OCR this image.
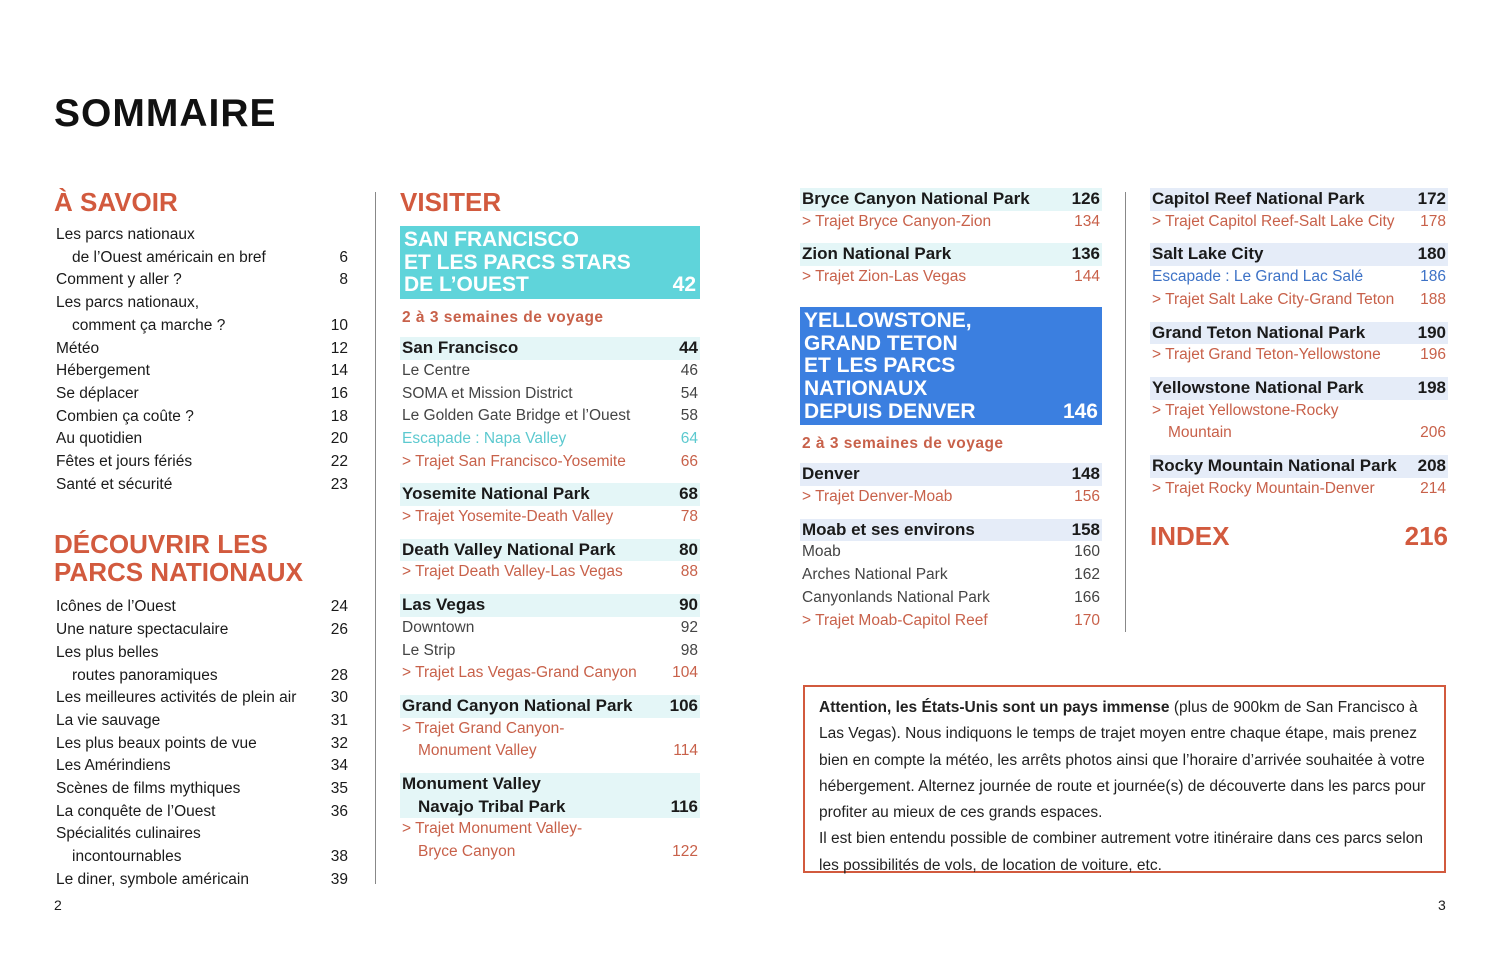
SOMMAIRE
À SAVOIR
Les parcs nationaux
de l’Ouest américain en bref	6
Comment y aller ?	8
Les parcs nationaux,
comment ça marche ?	10
Météo	12
Hébergement	14
Se déplacer	16
Combien ça coûte ?	18
Au quotidien	20
Fêtes et jours fériés	22
Santé et sécurité	23
DÉCOUVRIR LES
PARCS NATIONAUX
Icônes de l’Ouest	24
Une nature spectaculaire	26
Les plus belles
routes panoramiques	28
Les meilleures activités de plein air	30
La vie sauvage	31
Les plus beaux points de vue	32
Les Amérindiens	34
Scènes de films mythiques	35
La conquête de l’Ouest	36
Spécialités culinaires
incontournables	38
Le diner, symbole américain	39
VISITER
SAN FRANCISCO
ET LES PARCS STARS
DE L’OUEST	42
2 à 3 semaines de voyage
San Francisco	44
Le Centre	46
SOMA et Mission District	54
Le Golden Gate Bridge et l’Ouest	58
Escapade : Napa Valley	64
> Trajet San Francisco-Yosemite	66
Yosemite National Park	68
> Trajet Yosemite-Death Valley	78
Death Valley National Park	80
> Trajet Death Valley-Las Vegas	88
Las Vegas	90
Downtown	92
Le Strip	98
> Trajet Las Vegas-Grand Canyon	104
Grand Canyon National Park	106
> Trajet Grand Canyon-
Monument Valley	114
Monument Valley
Navajo Tribal Park	116
> Trajet Monument Valley-
Bryce Canyon	122
Bryce Canyon National Park	126
> Trajet Bryce Canyon-Zion	134
Zion National Park	136
> Trajet Zion-Las Vegas	144
YELLOWSTONE,
GRAND TETON
ET LES PARCS NATIONAUX
DEPUIS DENVER	146
2 à 3 semaines de voyage
Denver	148
> Trajet Denver-Moab	156
Moab et ses environs	158
Moab	160
Arches National Park	162
Canyonlands National Park	166
> Trajet Moab-Capitol Reef	170
Capitol Reef National Park	172
> Trajet Capitol Reef-Salt Lake City	178
Salt Lake City	180
Escapade : Le Grand Lac Salé	186
> Trajet Salt Lake City-Grand Teton	188
Grand Teton National Park	190
> Trajet Grand Teton-Yellowstone	196
Yellowstone National Park	198
> Trajet Yellowstone-Rocky
Mountain	206
Rocky Mountain National Park	208
> Trajet Rocky Mountain-Denver	214
INDEX	216
Attention, les États-Unis sont un pays immense (plus de 900km de San Francisco à Las Vegas). Nous indiquons le temps de trajet moyen entre chaque étape, mais prenez bien en compte la météo, les arrêts photos ainsi que l’horaire d’arrivée souhaitée à votre hébergement. Alternez journée de route et journée(s) de découverte dans les parcs pour profiter au mieux de ces grands espaces.
Il est bien entendu possible de combiner autrement votre itinéraire dans ces parcs selon les possibilités de vols, de location de voiture, etc.
2	3
